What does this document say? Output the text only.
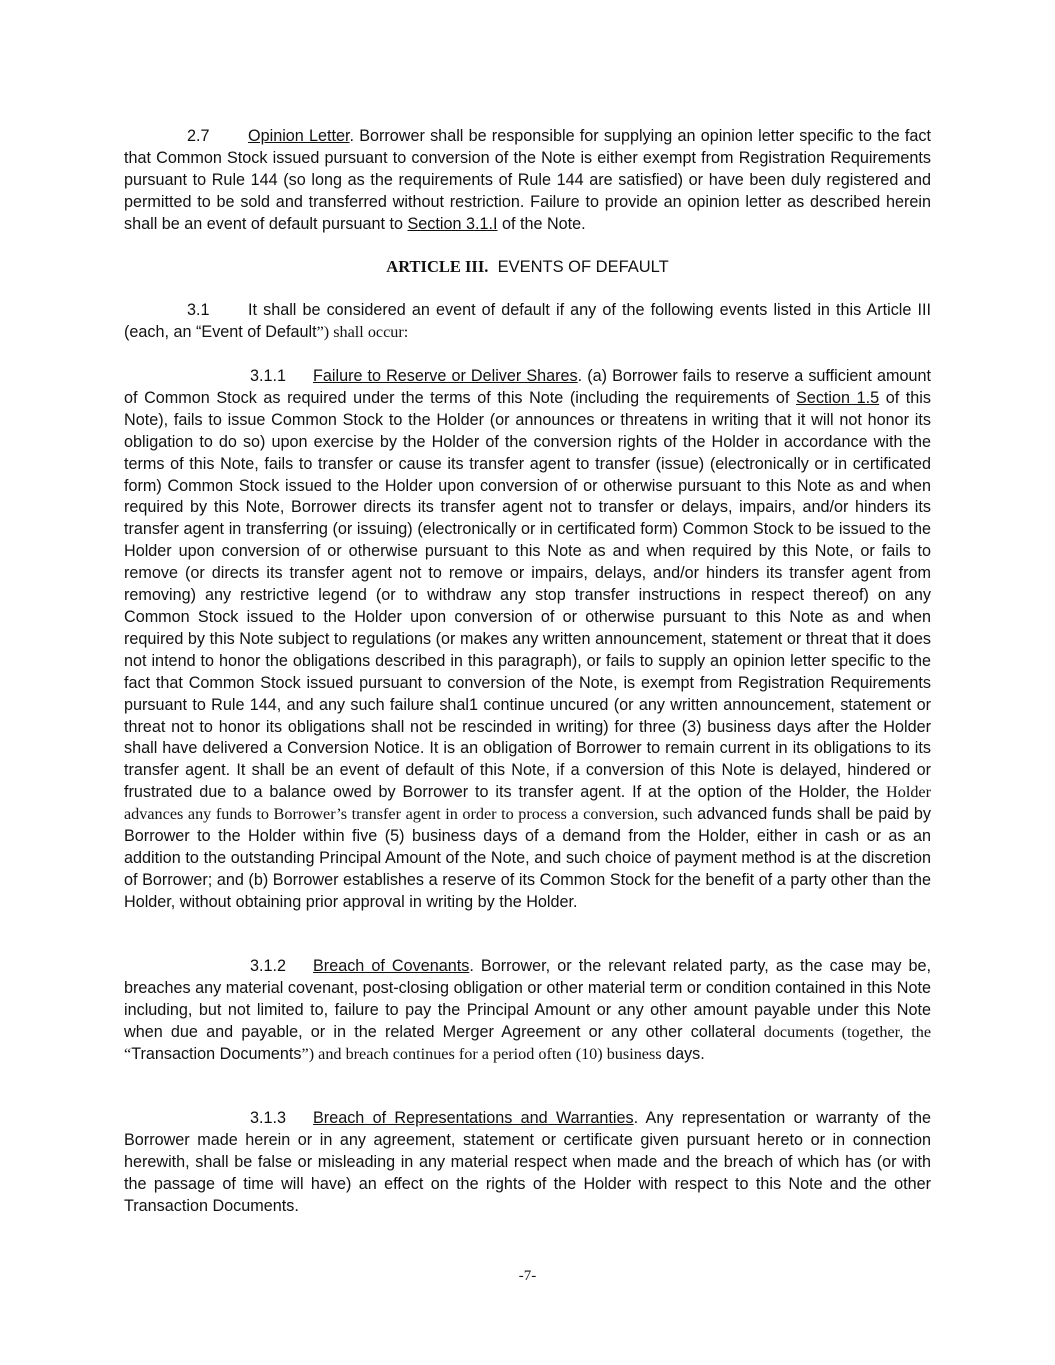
2.7 Opinion Letter. Borrower shall be responsible for supplying an opinion letter specific to the fact that Common Stock issued pursuant to conversion of the Note is either exempt from Registration Requirements pursuant to Rule 144 (so long as the requirements of Rule 144 are satisfied) or have been duly registered and permitted to be sold and transferred without restriction. Failure to provide an opinion letter as described herein shall be an event of default pursuant to Section 3.1.I of the Note.

ARTICLE III. EVENTS OF DEFAULT

3.1 It shall be considered an event of default if any of the following events listed in this Article III (each, an “Event of Default”) shall occur:

3.1.1 Failure to Reserve or Deliver Shares. (a) Borrower fails to reserve a sufficient amount of Common Stock as required under the terms of this Note (including the requirements of Section 1.5 of this Note), fails to issue Common Stock to the Holder (or announces or threatens in writing that it will not honor its obligation to do so) upon exercise by the Holder of the conversion rights of the Holder in accordance with the terms of this Note, fails to transfer or cause its transfer agent to transfer (issue) (electronically or in certificated form) Common Stock issued to the Holder upon conversion of or otherwise pursuant to this Note as and when required by this Note, Borrower directs its transfer agent not to transfer or delays, impairs, and/or hinders its transfer agent in transferring (or issuing) (electronically or in certificated form) Common Stock to be issued to the Holder upon conversion of or otherwise pursuant to this Note as and when required by this Note, or fails to remove (or directs its transfer agent not to remove or impairs, delays, and/or hinders its transfer agent from removing) any restrictive legend (or to withdraw any stop transfer instructions in respect thereof) on any Common Stock issued to the Holder upon conversion of or otherwise pursuant to this Note as and when required by this Note subject to regulations (or makes any written announcement, statement or threat that it does not intend to honor the obligations described in this paragraph), or fails to supply an opinion letter specific to the fact that Common Stock issued pursuant to conversion of the Note, is exempt from Registration Requirements pursuant to Rule 144, and any such failure shal1 continue uncured (or any written announcement, statement or threat not to honor its obligations shall not be rescinded in writing) for three (3) business days after the Holder shall have delivered a Conversion Notice. It is an obligation of Borrower to remain current in its obligations to its transfer agent. It shall be an event of default of this Note, if a conversion of this Note is delayed, hindered or frustrated due to a balance owed by Borrower to its transfer agent. If at the option of the Holder, the Holder advances any funds to Borrower’s transfer agent in order to process a conversion, such advanced funds shall be paid by Borrower to the Holder within five (5) business days of a demand from the Holder, either in cash or as an addition to the outstanding Principal Amount of the Note, and such choice of payment method is at the discretion of Borrower; and (b) Borrower establishes a reserve of its Common Stock for the benefit of a party other than the Holder, without obtaining prior approval in writing by the Holder.

3.1.2 Breach of Covenants. Borrower, or the relevant related party, as the case may be, breaches any material covenant, post-closing obligation or other material term or condition contained in this Note including, but not limited to, failure to pay the Principal Amount or any other amount payable under this Note when due and payable, or in the related Merger Agreement or any other collateral documents (together, the “Transaction Documents”) and breach continues for a period often (10) business days.

3.1.3 Breach of Representations and Warranties. Any representation or warranty of the Borrower made herein or in any agreement, statement or certificate given pursuant hereto or in connection herewith, shall be false or misleading in any material respect when made and the breach of which has (or with the passage of time will have) an effect on the rights of the Holder with respect to this Note and the other Transaction Documents.

-7-
